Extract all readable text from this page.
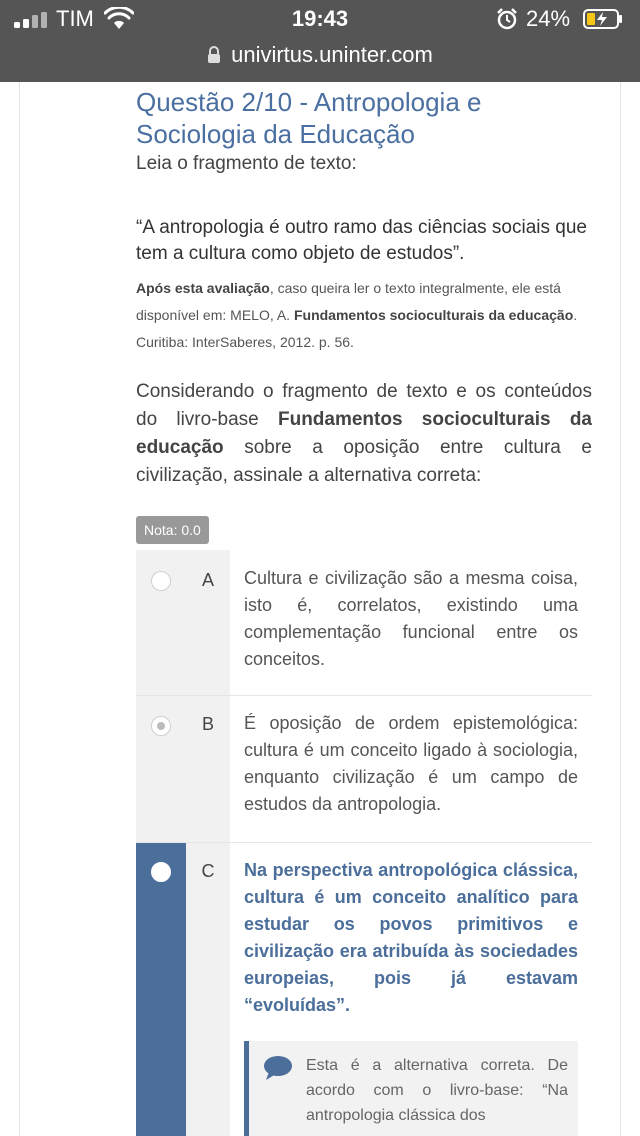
TIM	19:43	24%
univirtus.uninter.com
Questão 2/10 - Antropologia e Sociologia da Educação
Leia o fragmento de texto:
“A antropologia é outro ramo das ciências sociais que tem a cultura como objeto de estudos”.
Após esta avaliação, caso queira ler o texto integralmente, ele está disponível em: MELO, A. Fundamentos socioculturais da educação. Curitiba: InterSaberes, 2012. p. 56.
Considerando o fragmento de texto e os conteúdos do livro-base Fundamentos socioculturais da educação sobre a oposição entre cultura e civilização, assinale a alternativa correta:
Nota: 0.0
A	Cultura e civilização são a mesma coisa, isto é, correlatos, existindo uma complementação funcional entre os conceitos.
B	É oposição de ordem epistemológica: cultura é um conceito ligado à sociologia, enquanto civilização é um campo de estudos da antropologia.
C	Na perspectiva antropológica clássica, cultura é um conceito analítico para estudar os povos primitivos e civilização era atribuída às sociedades europeias, pois já estavam “evoluídas”.
Esta é a alternativa correta. De acordo com o livro-base: “Na antropologia clássica dos
